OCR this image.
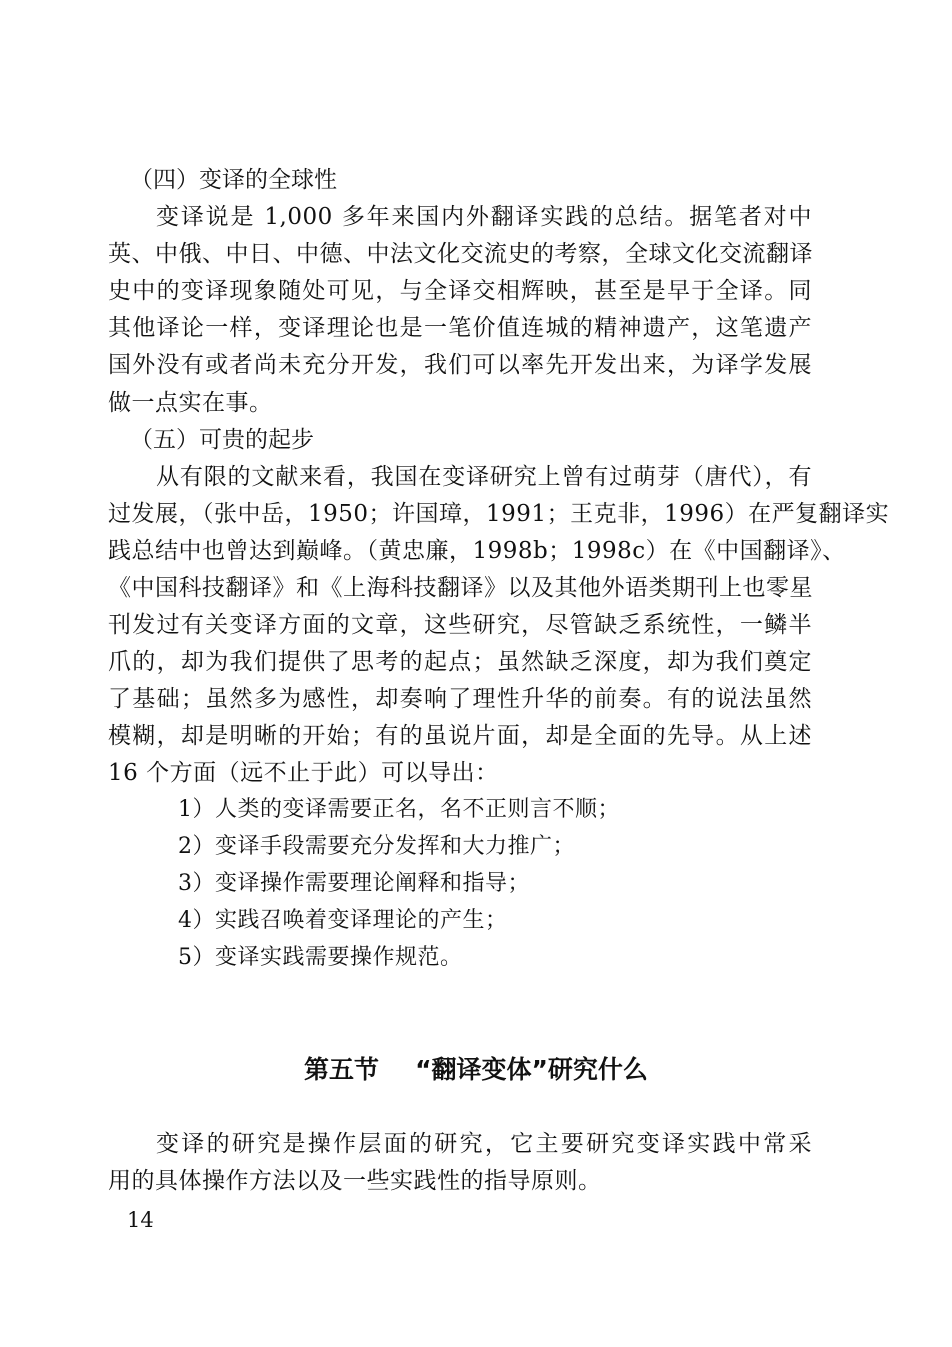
（四）变译的全球性
变译说是 1,000 多年来国内外翻译实践的总结。据笔者对中
英、中俄、中日、中德、中法文化交流史的考察，全球文化交流翻译
史中的变译现象随处可见，与全译交相辉映，甚至是早于全译。同
其他译论一样，变译理论也是一笔价值连城的精神遗产，这笔遗产
国外没有或者尚未充分开发，我们可以率先开发出来，为译学发展
做一点实在事。
（五）可贵的起步
从有限的文献来看，我国在变译研究上曾有过萌芽（唐代），有
过发展，（张中岳，1950；许国璋，1991；王克非，1996）在严复翻译实
践总结中也曾达到巅峰。（黄忠廉，1998b；1998c）在《中国翻译》、
《中国科技翻译》和《上海科技翻译》以及其他外语类期刊上也零星
刊发过有关变译方面的文章，这些研究，尽管缺乏系统性，一鳞半
爪的，却为我们提供了思考的起点；虽然缺乏深度，却为我们奠定
了基础；虽然多为感性，却奏响了理性升华的前奏。有的说法虽然
模糊，却是明晰的开始；有的虽说片面，却是全面的先导。从上述
16 个方面（远不止于此）可以导出：
1）人类的变译需要正名，名不正则言不顺；
2）变译手段需要充分发挥和大力推广；
3）变译操作需要理论阐释和指导；
4）实践召唤着变译理论的产生；
5）变译实践需要操作规范。
第五节 “翻译变体”研究什么
变译的研究是操作层面的研究，它主要研究变译实践中常采
用的具体操作方法以及一些实践性的指导原则。
14
